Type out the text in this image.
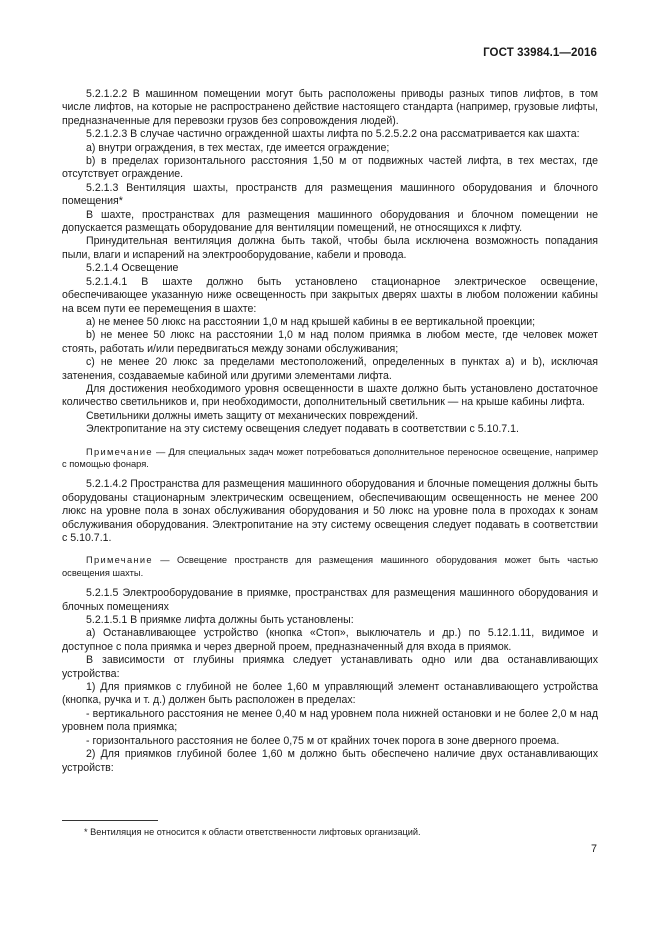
ГОСТ 33984.1—2016

5.2.1.2.2 В машинном помещении могут быть расположены приводы разных типов лифтов, в том числе лифтов, на которые не распространено действие настоящего стандарта (например, грузовые лифты, предназначенные для перевозки грузов без сопровождения людей).

5.2.1.2.3 В случае частично огражденной шахты лифта по 5.2.5.2.2 она рассматривается как шахта:

a) внутри ограждения, в тех местах, где имеется ограждение;

b) в пределах горизонтального расстояния 1,50 м от подвижных частей лифта, в тех местах, где отсутствует ограждение.

5.2.1.3 Вентиляция шахты, пространств для размещения машинного оборудования и блочного помещения*

В шахте, пространствах для размещения машинного оборудования и блочном помещении не допускается размещать оборудование для вентиляции помещений, не относящихся к лифту.

Принудительная вентиляция должна быть такой, чтобы была исключена возможность попадания пыли, влаги и испарений на электрооборудование, кабели и провода.

5.2.1.4 Освещение

5.2.1.4.1 В шахте должно быть установлено стационарное электрическое освещение, обеспечивающее указанную ниже освещенность при закрытых дверях шахты в любом положении кабины на всем пути ее перемещения в шахте:

a) не менее 50 люкс на расстоянии 1,0 м над крышей кабины в ее вертикальной проекции;

b) не менее 50 люкс на расстоянии 1,0 м над полом приямка в любом месте, где человек может стоять, работать и/или передвигаться между зонами обслуживания;

c) не менее 20 люкс за пределами местоположений, определенных в пунктах a) и b), исключая затенения, создаваемые кабиной или другими элементами лифта.

Для достижения необходимого уровня освещенности в шахте должно быть установлено достаточное количество светильников и, при необходимости, дополнительный светильник — на крыше кабины лифта.

Светильники должны иметь защиту от механических повреждений.

Электропитание на эту систему освещения следует подавать в соответствии с 5.10.7.1.

Примечание — Для специальных задач может потребоваться дополнительное переносное освещение, например с помощью фонаря.

5.2.1.4.2 Пространства для размещения машинного оборудования и блочные помещения должны быть оборудованы стационарным электрическим освещением, обеспечивающим освещенность не менее 200 люкс на уровне пола в зонах обслуживания оборудования и 50 люкс на уровне пола в проходах к зонам обслуживания оборудования. Электропитание на эту систему освещения следует подавать в соответствии с 5.10.7.1.

Примечание — Освещение пространств для размещения машинного оборудования может быть частью освещения шахты.

5.2.1.5 Электрооборудование в приямке, пространствах для размещения машинного оборудования и блочных помещениях

5.2.1.5.1 В приямке лифта должны быть установлены:

a) Останавливающее устройство (кнопка «Стоп», выключатель и др.) по 5.12.1.11, видимое и доступное с пола приямка и через дверной проем, предназначенный для входа в приямок.

В зависимости от глубины приямка следует устанавливать одно или два останавливающих устройства:

1) Для приямков с глубиной не более 1,60 м управляющий элемент останавливающего устройства (кнопка, ручка и т. д.) должен быть расположен в пределах:

- вертикального расстояния не менее 0,40 м над уровнем пола нижней остановки и не более 2,0 м над уровнем пола приямка;

- горизонтального расстояния не более 0,75 м от крайних точек порога в зоне дверного проема.

2) Для приямков глубиной более 1,60 м должно быть обеспечено наличие двух останавливающих устройств:

* Вентиляция не относится к области ответственности лифтовых организаций.
7
